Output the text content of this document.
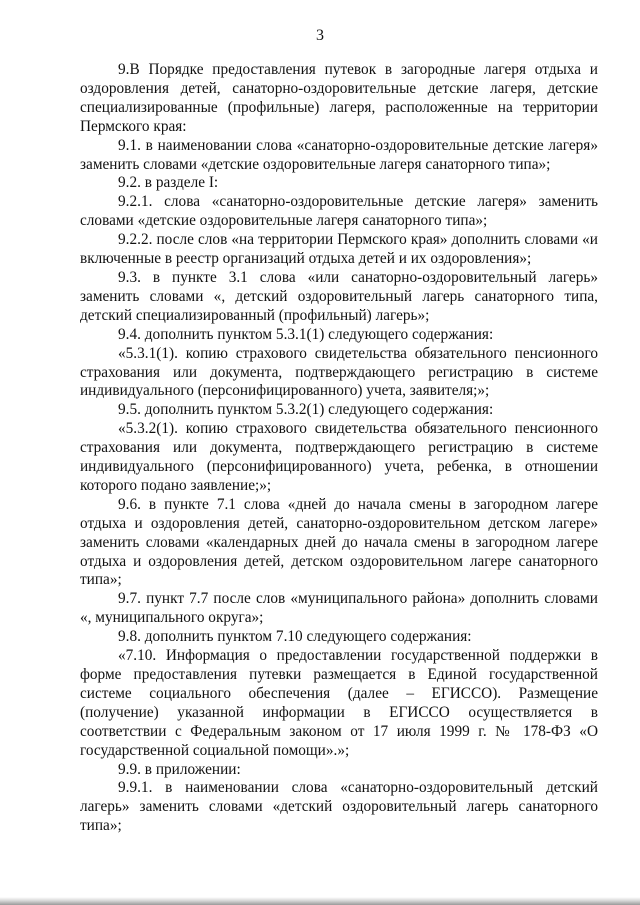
3

9.В Порядке предоставления путевок в загородные лагеря отдыха и оздоровления детей, санаторно-оздоровительные детские лагеря, детские специализированные (профильные) лагеря, расположенные на территории Пермского края:

9.1. в наименовании слова «санаторно-оздоровительные детские лагеря» заменить словами «детские оздоровительные лагеря санаторного типа»;

9.2. в разделе I:

9.2.1. слова «санаторно-оздоровительные детские лагеря» заменить словами «детские оздоровительные лагеря санаторного типа»;

9.2.2. после слов «на территории Пермского края» дополнить словами «и включенные в реестр организаций отдыха детей и их оздоровления»;

9.3. в пункте 3.1 слова «или санаторно-оздоровительный лагерь» заменить словами «, детский оздоровительный лагерь санаторного типа, детский специализированный (профильный) лагерь»;

9.4. дополнить пунктом 5.3.1(1) следующего содержания:

«5.3.1(1). копию страхового свидетельства обязательного пенсионного страхования или документа, подтверждающего регистрацию в системе индивидуального (персонифицированного) учета, заявителя;»;

9.5. дополнить пунктом 5.3.2(1) следующего содержания:

«5.3.2(1). копию страхового свидетельства обязательного пенсионного страхования или документа, подтверждающего регистрацию в системе индивидуального (персонифицированного) учета, ребенка, в отношении которого подано заявление;»;

9.6. в пункте 7.1 слова «дней до начала смены в загородном лагере отдыха и оздоровления детей, санаторно-оздоровительном детском лагере» заменить словами «календарных дней до начала смены в загородном лагере отдыха и оздоровления детей, детском оздоровительном лагере санаторного типа»;

9.7. пункт 7.7 после слов «муниципального района» дополнить словами «, муниципального округа»;

9.8. дополнить пунктом 7.10 следующего содержания:

«7.10. Информация о предоставлении государственной поддержки в форме предоставления путевки размещается в Единой государственной системе социального обеспечения (далее – ЕГИССО). Размещение (получение) указанной информации в ЕГИССО осуществляется в соответствии с Федеральным законом от 17 июля 1999 г. № 178-ФЗ «О государственной социальной помощи».»;

9.9. в приложении:

9.9.1. в наименовании слова «санаторно-оздоровительный детский лагерь» заменить словами «детский оздоровительный лагерь санаторного типа»;
